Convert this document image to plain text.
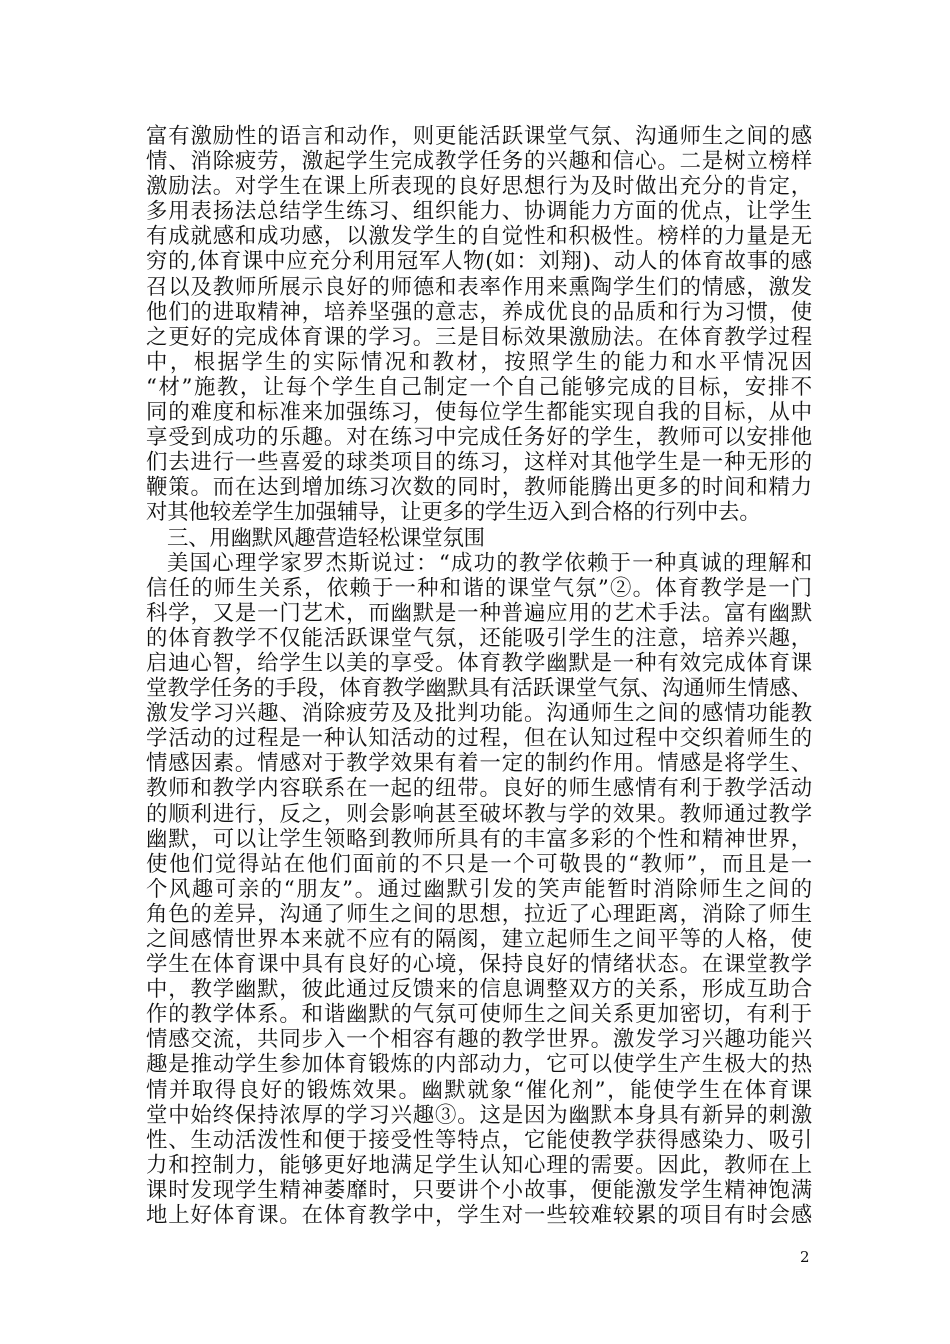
富有激励性的语言和动作，则更能活跃课堂气氛、沟通师生之间的感
情、消除疲劳，激起学生完成教学任务的兴趣和信心。二是树立榜样
激励法。对学生在课上所表现的良好思想行为及时做出充分的肯定，
多用表扬法总结学生练习、组织能力、协调能力方面的优点，让学生
有成就感和成功感，以激发学生的自觉性和积极性。榜样的力量是无
穷的,体育课中应充分利用冠军人物(如：刘翔)、动人的体育故事的感
召以及教师所展示良好的师德和表率作用来熏陶学生们的情感，激发
他们的进取精神，培养坚强的意志，养成优良的品质和行为习惯，使
之更好的完成体育课的学习。三是目标效果激励法。在体育教学过程
中，根据学生的实际情况和教材，按照学生的能力和水平情况因
“材”施教，让每个学生自己制定一个自己能够完成的目标，安排不
同的难度和标准来加强练习，使每位学生都能实现自我的目标，从中
享受到成功的乐趣。对在练习中完成任务好的学生，教师可以安排他
们去进行一些喜爱的球类项目的练习，这样对其他学生是一种无形的
鞭策。而在达到增加练习次数的同时，教师能腾出更多的时间和精力
对其他较差学生加强辅导，让更多的学生迈入到合格的行列中去。
三、用幽默风趣营造轻松课堂氛围
美国心理学家罗杰斯说过：“成功的教学依赖于一种真诚的理解和
信任的师生关系，依赖于一种和谐的课堂气氛”②。体育教学是一门
科学，又是一门艺术，而幽默是一种普遍应用的艺术手法。富有幽默
的体育教学不仅能活跃课堂气氛，还能吸引学生的注意，培养兴趣，
启迪心智，给学生以美的享受。体育教学幽默是一种有效完成体育课
堂教学任务的手段，体育教学幽默具有活跃课堂气氛、沟通师生情感、
激发学习兴趣、消除疲劳及及批判功能。沟通师生之间的感情功能教
学活动的过程是一种认知活动的过程，但在认知过程中交织着师生的
情感因素。情感对于教学效果有着一定的制约作用。情感是将学生、
教师和教学内容联系在一起的纽带。良好的师生感情有利于教学活动
的顺利进行，反之，则会影响甚至破坏教与学的效果。教师通过教学
幽默，可以让学生领略到教师所具有的丰富多彩的个性和精神世界，
使他们觉得站在他们面前的不只是一个可敬畏的“教师”，而且是一
个风趣可亲的“朋友”。通过幽默引发的笑声能暂时消除师生之间的
角色的差异，沟通了师生之间的思想，拉近了心理距离，消除了师生
之间感情世界本来就不应有的隔阂，建立起师生之间平等的人格，使
学生在体育课中具有良好的心境，保持良好的情绪状态。在课堂教学
中，教学幽默，彼此通过反馈来的信息调整双方的关系，形成互助合
作的教学体系。和谐幽默的气氛可使师生之间关系更加密切，有利于
情感交流，共同步入一个相容有趣的教学世界。激发学习兴趣功能兴
趣是推动学生参加体育锻炼的内部动力，它可以使学生产生极大的热
情并取得良好的锻炼效果。幽默就象“催化剂”，能使学生在体育课
堂中始终保持浓厚的学习兴趣③。这是因为幽默本身具有新异的刺激
性、生动活泼性和便于接受性等特点，它能使教学获得感染力、吸引
力和控制力，能够更好地满足学生认知心理的需要。因此，教师在上
课时发现学生精神萎靡时，只要讲个小故事，便能激发学生精神饱满
地上好体育课。在体育教学中，学生对一些较难较累的项目有时会感
2
